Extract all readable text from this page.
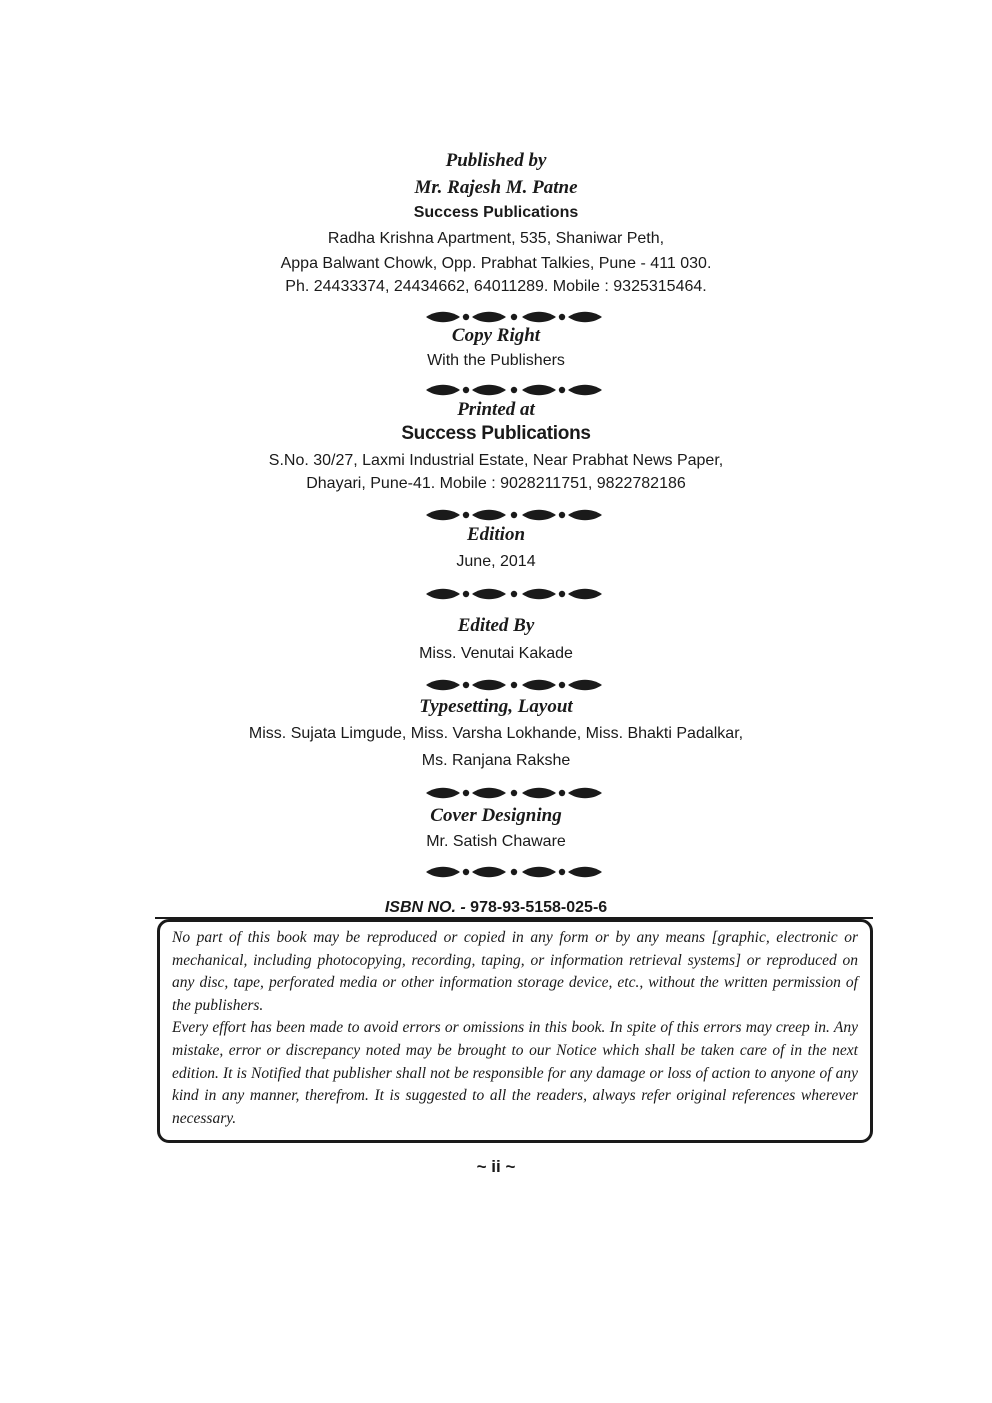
Published by
Mr. Rajesh M. Patne
Success Publications
Radha Krishna Apartment, 535, Shaniwar Peth,
Appa Balwant Chowk, Opp. Prabhat Talkies, Pune - 411 030.
Ph. 24433374, 24434662, 64011289. Mobile : 9325315464.
Copy Right
With the Publishers
Printed at
Success Publications
S.No. 30/27, Laxmi Industrial Estate, Near Prabhat News Paper,
Dhayari, Pune-41. Mobile : 9028211751, 9822782186
Edition
June, 2014
Edited By
Miss. Venutai Kakade
Typesetting, Layout
Miss. Sujata Limgude, Miss. Varsha Lokhande, Miss. Bhakti Padalkar,
Ms. Ranjana Rakshe
Cover Designing
Mr. Satish Chaware
ISBN NO. - 978-93-5158-025-6

No part of this book may be reproduced or copied in any form or by any means [graphic, electronic or mechanical, including photocopying, recording, taping, or information retrieval systems] or reproduced on any disc, tape, perforated media or other information storage device, etc., without the written permission of the publishers.

Every effort has been made to avoid errors or omissions in this book. In spite of this errors may creep in. Any mistake, error or discrepancy noted may be brought to our Notice which shall be taken care of in the next edition. It is Notified that publisher shall not be responsible for any damage or loss of action to anyone of any kind in any manner, therefrom. It is suggested to all the readers, always refer original references wherever necessary.

~ ii ~
